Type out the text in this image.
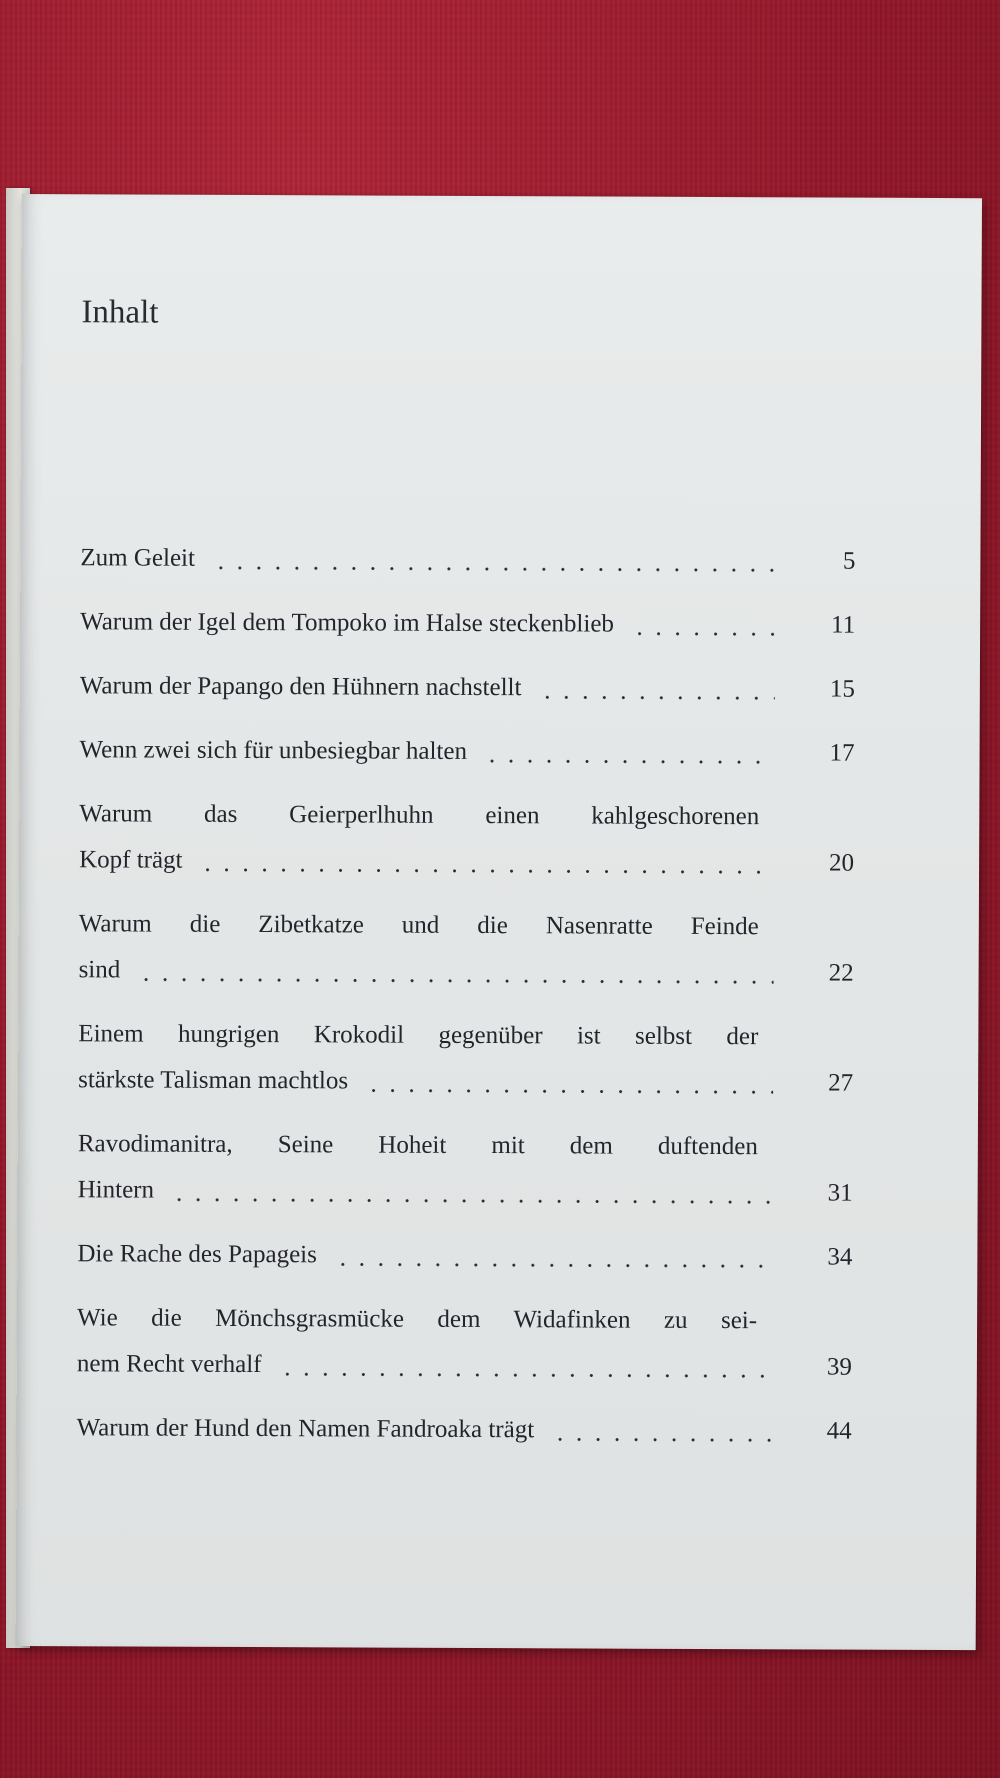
Inhalt
Zum Geleit	5
Warum der Igel dem Tompoko im Halse steckenblieb	11
Warum der Papango den Hühnern nachstellt	15
Wenn zwei sich für unbesiegbar halten	17
Warum das Geierperlhuhn einen kahlgeschorenen
Kopf trägt	20
Warum die Zibetkatze und die Nasenratte Feinde
sind	22
Einem hungrigen Krokodil gegenüber ist selbst der
stärkste Talisman machtlos	27
Ravodimanitra, Seine Hoheit mit dem duftenden
Hintern	31
Die Rache des Papageis	34
Wie die Mönchsgrasmücke dem Widafinken zu sei-
nem Recht verhalf	39
Warum der Hund den Namen Fandroaka trägt	44
